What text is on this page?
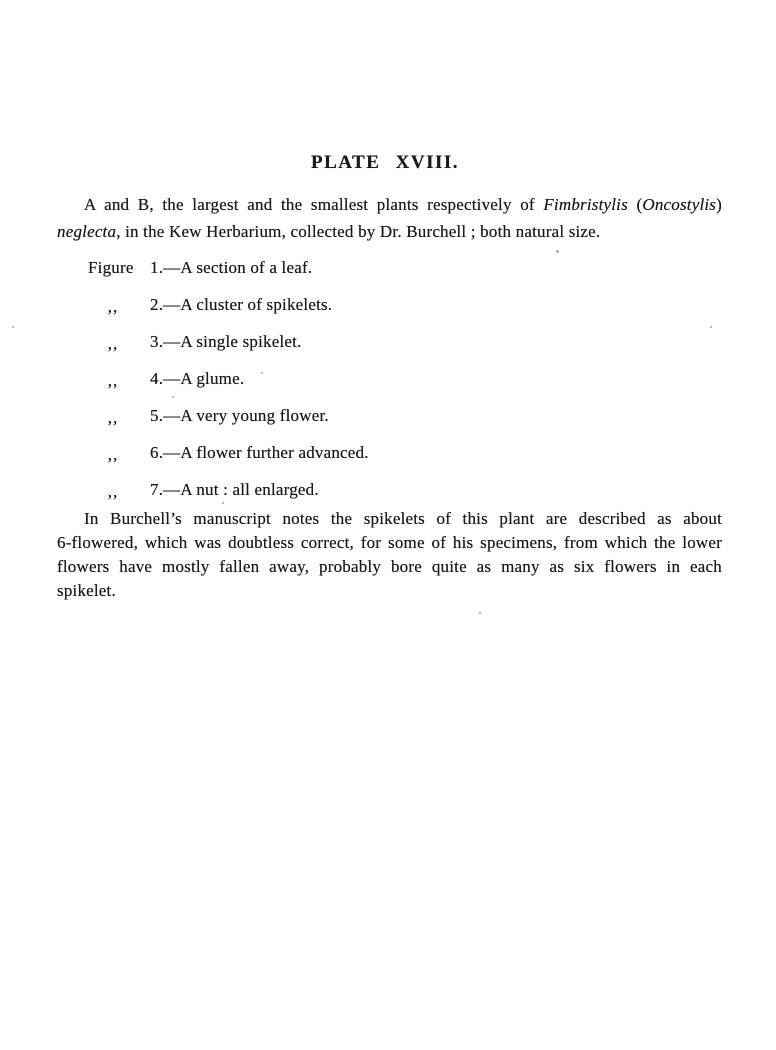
PLATE XVIII.

A and B, the largest and the smallest plants respectively of Fimbristylis (Oncostylis)
neglecta, in the Kew Herbarium, collected by Dr. Burchell ; both natural size.

Figure 1.—A section of a leaf.
,,	2.—A cluster of spikelets.
,,	3.—A single spikelet.
,,	4.—A glume.
,,	5.—A very young flower.
,,	6.—A flower further advanced.
,,	7.—A nut : all enlarged.

In Burchell’s manuscript notes the spikelets of this plant are described as about
6-flowered, which was doubtless correct, for some of his specimens, from which the lower
flowers have mostly fallen away, probably bore quite as many as six flowers in each
spikelet.
